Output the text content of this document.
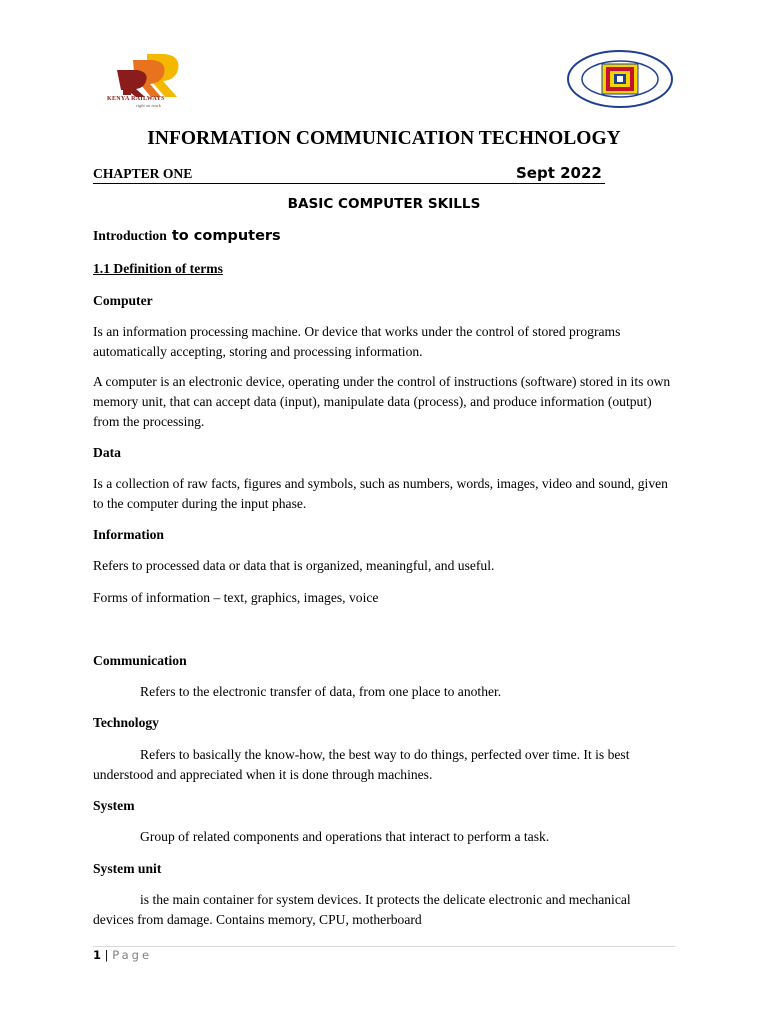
KENYA RAILWAYS
right on track
INFORMATION COMMUNICATION TECHNOLOGY
CHAPTER ONE	Sept 2022
BASIC COMPUTER SKILLS
Introduction to computers
1.1 Definition of terms
Computer

Is an information processing machine. Or device that works under the control of stored programs automatically accepting, storing and processing information.

A computer is an electronic device, operating under the control of instructions (software) stored in its own memory unit, that can accept data (input), manipulate data (process), and produce information (output) from the processing.

Data

Is a collection of raw facts, figures and symbols, such as numbers, words, images, video and sound, given to the computer during the input phase.

Information

Refers to processed data or data that is organized, meaningful, and useful.

Forms of information – text, graphics, images, voice

Communication

Refers to the electronic transfer of data, from one place to another.

Technology

Refers to basically the know-how, the best way to do things, perfected over time. It is best understood and appreciated when it is done through machines.

System

Group of related components and operations that interact to perform a task.

System unit

is the main container for system devices. It protects the delicate electronic and mechanical devices from damage. Contains memory, CPU, motherboard

1 | Page
